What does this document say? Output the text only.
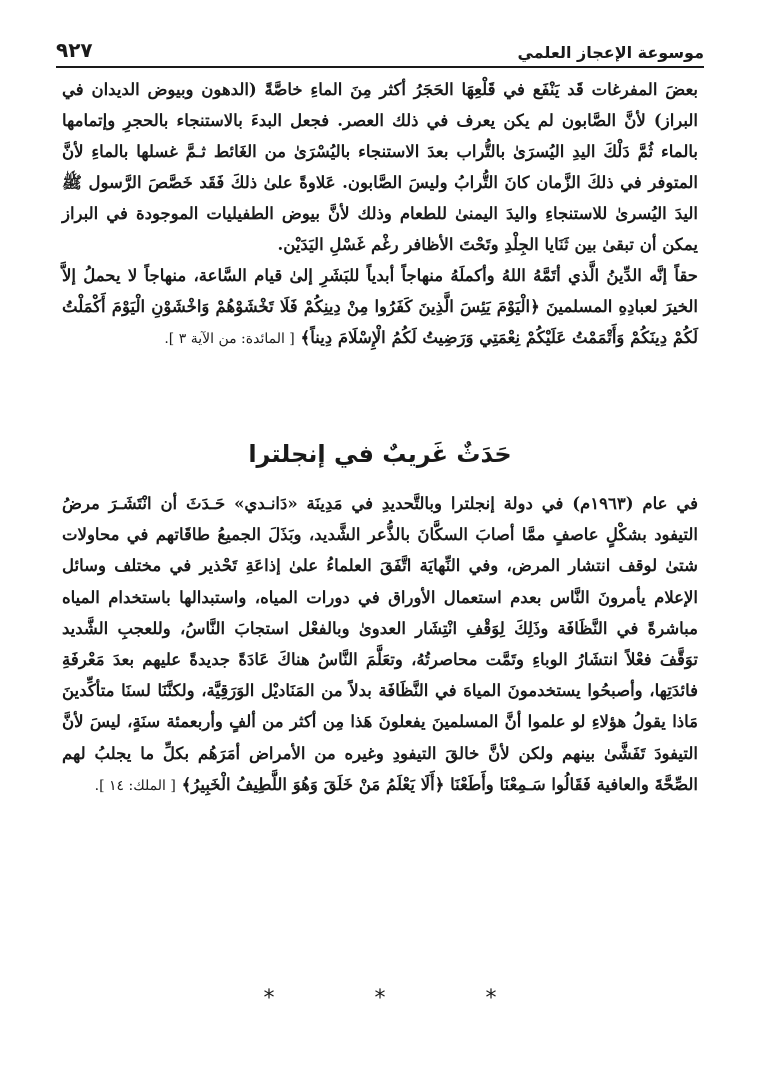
موسوعة الإعجاز العلمي
٩٢٧

بعضَ المفرغات قَد يَنْفَع في قَلْعِهَا الحَجَرُ أكثر مِنَ الماءِ خاصَّةً (الدهون وبيوض الديدان في البراز) لأنَّ الصَّابون لم يكن يعرف في ذلك العصر. فجعل البدءَ بالاستنجاء بالحجرِ وإتمامها بالماء ثُمَّ دَلْكَ اليدِ اليُسرَىٰ بالتُّراب بعدَ الاستنجاء باليُسْرَىٰ من الغَائط ثـمَّ غسلها بالماءِ لأنَّ المتوفر في ذلكَ الزَّمان كانَ التُّرابُ وليسَ الصَّابون. عَلاوةً علىٰ ذلكَ فَقَد خَصَّصَ الرَّسول ﷺ اليدَ اليُسرىٰ للاستنجاءِ واليدَ اليمنىٰ للطعام وذلك لأنَّ بيوض الطفيليات الموجودة في البراز يمكن أن تبقىٰ بين ثَنَايا الجِلْدِ وتَحْتَ الأظافر رغْم غَسْلِ اليَدَيْن.

حقاً إنَّه الدِّينُ الَّذي أتَمَّهُ اللهُ وأكملَهُ منهاجاً أبدياً للبَشَرِ إلىٰ قيام السَّاعة، منهاجاً لا يحملُ إلاَّ الخيرَ لعبادِهِ المسلمينَ ﴿الْيَوْمَ يَئِسَ الَّذِينَ كَفَرُوا مِنْ دِينِكُمْ فَلَا تَخْشَوْهُمْ وَاخْشَوْنِ الْيَوْمَ أَكْمَلْتُ لَكُمْ دِينَكُمْ وَأَتْمَمْتُ عَلَيْكُمْ نِعْمَتِي وَرَضِيتُ لَكُمُ الْإِسْلَامَ دِيناً﴾ [ المائدة: من الآية ٣ ].

حَدَثٌ غَريبٌ في إنجلترا

في عام (١٩٦٣م) في دولة إنجلترا وبالتَّحديدِ في مَدِينَة «دَانـدي» حَـدَثَ أن انْتَشَـرَ مرضُ التيفود بشكْلٍ عاصفٍ ممَّا أصابَ السكَّانَ بالذُّعر الشَّديد، وبَذَلَ الجميعُ طاقَاتهم في محاولات شتىٰ لوقف انتشار المرض، وفي النِّهايَة اتَّفَقَ العلماءُ علىٰ إذاعَةِ تَحْذير في مختلف وسائل الإعلام يأمرونَ النَّاس بعدم استعمال الأوراق في دورات المياه، واستبدالها باستخدام المياه مباشرةً في النَّظَافَة وذَلِكَ لِوَقْفِ انْتِشَار العدوىٰ وبالفعْل استجابَ النَّاسُ، وللعجبِ الشَّديد توَقَّفَ فعْلاً انتشَارُ الوباءِ وتَمَّت محاصرتُهُ، وتعَلَّمَ النَّاسُ هناكَ عَادَةً جديدةً عليهم بعدَ مَعْرفَةِ فائدَتِها، وأصبحُوا يستخدمونَ المياهَ في النَّظَافَة بدلاً من المَنَاديْل الوَرَقِيَّة، ولكنَّنَا لسنَا متأكِّدينَ مَاذا يقولُ هؤلاءِ لو علموا أنَّ المسلمينَ يفعلونَ هَذا مِن أكثر من ألفٍ وأربعمئة سنَةٍ، ليسَ لأنَّ التيفودَ تَفَشَّىٰ بينهم ولكن لأنَّ خالقَ التيفودِ وغيره من الأمراض أمَرَهُم بكلِّ ما يجلبُ لهم الصِّحَّةَ والعافية فَقَالُوا سَـمِعْنَا وأَطَعْنَا ﴿أَلَا يَعْلَمُ مَنْ خَلَقَ وَهُوَ اللَّطِيفُ الْخَبِيرُ﴾ [ الملك: ١٤ ].

*
*
*
